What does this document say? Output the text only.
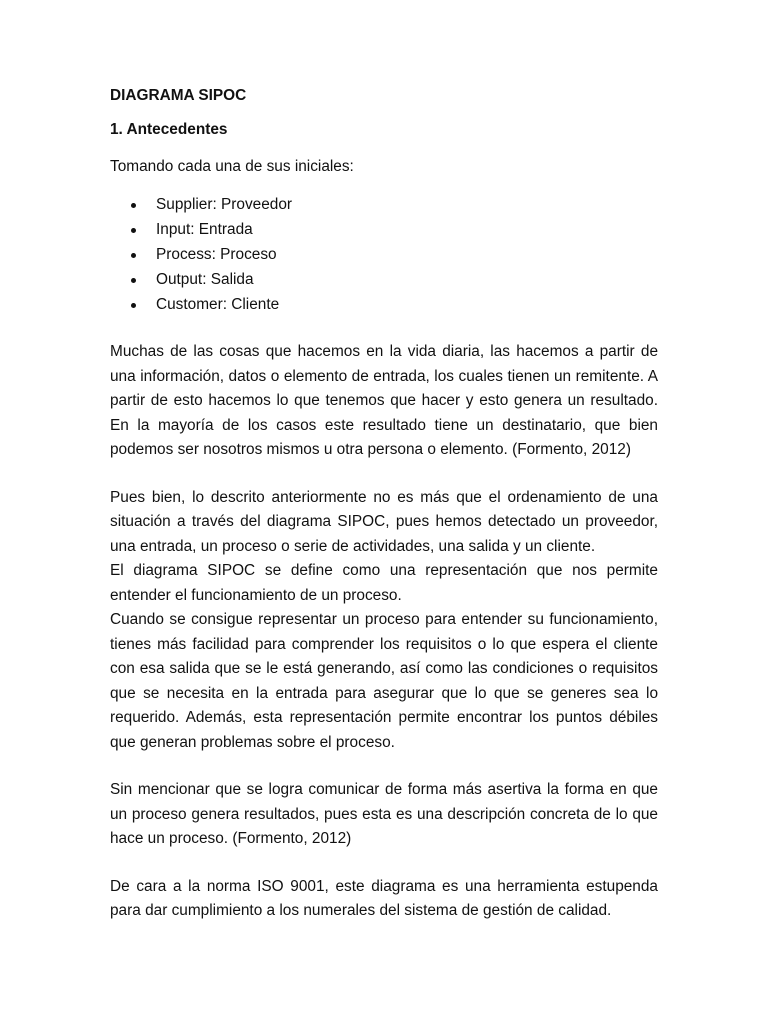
DIAGRAMA SIPOC
1. Antecedentes
Tomando cada una de sus iniciales:
Supplier: Proveedor
Input: Entrada
Process: Proceso
Output: Salida
Customer: Cliente

Muchas de las cosas que hacemos en la vida diaria, las hacemos a partir de una información, datos o elemento de entrada, los cuales tienen un remitente. A partir de esto hacemos lo que tenemos que hacer y esto genera un resultado. En la mayoría de los casos este resultado tiene un destinatario, que bien podemos ser nosotros mismos u otra persona o elemento. (Formento, 2012)

Pues bien, lo descrito anteriormente no es más que el ordenamiento de una situación a través del diagrama SIPOC, pues hemos detectado un proveedor, una entrada, un proceso o serie de actividades, una salida y un cliente.

El diagrama SIPOC se define como una representación que nos permite entender el funcionamiento de un proceso.

Cuando se consigue representar un proceso para entender su funcionamiento, tienes más facilidad para comprender los requisitos o lo que espera el cliente con esa salida que se le está generando, así como las condiciones o requisitos que se necesita en la entrada para asegurar que lo que se generes sea lo requerido. Además, esta representación permite encontrar los puntos débiles que generan problemas sobre el proceso.

Sin mencionar que se logra comunicar de forma más asertiva la forma en que un proceso genera resultados, pues esta es una descripción concreta de lo que hace un proceso. (Formento, 2012)

De cara a la norma ISO 9001, este diagrama es una herramienta estupenda para dar cumplimiento a los numerales del sistema de gestión de calidad.
